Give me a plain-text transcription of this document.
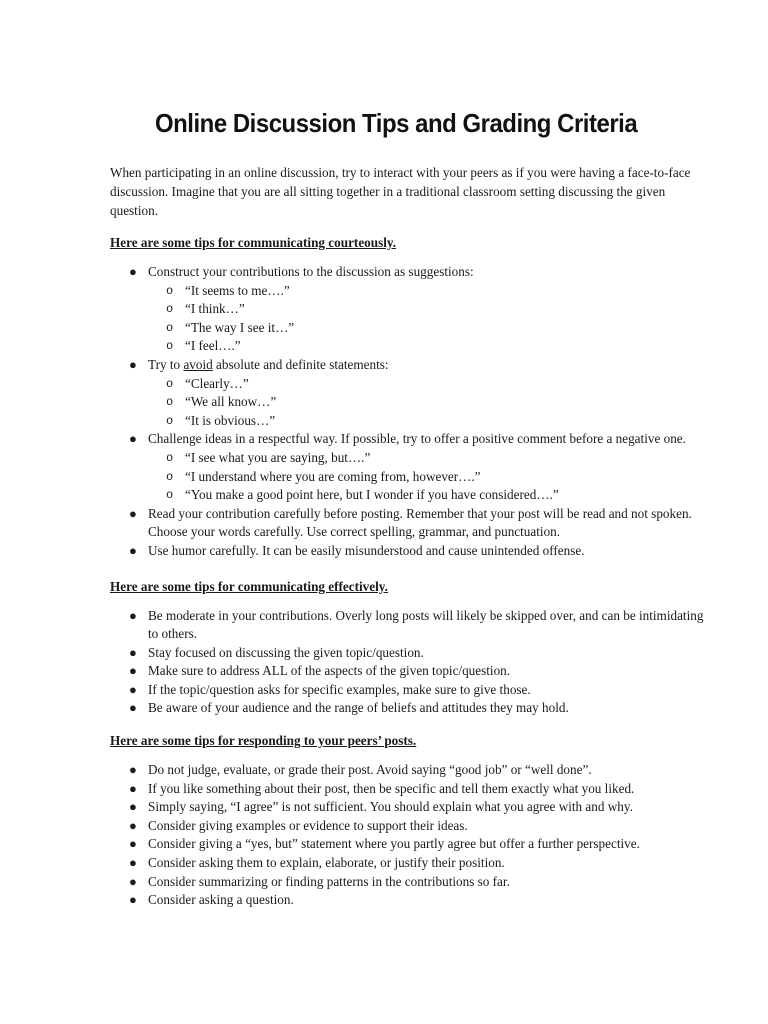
Online Discussion Tips and Grading Criteria

When participating in an online discussion, try to interact with your peers as if you were having a face-to-face discussion. Imagine that you are all sitting together in a traditional classroom setting discussing the given question.

Here are some tips for communicating courteously.
● Construct your contributions to the discussion as suggestions:
o “It seems to me….”
o “I think…”
o “The way I see it…”
o “I feel….”
● Try to avoid absolute and definite statements:
o “Clearly…”
o “We all know…”
o “It is obvious…”
● Challenge ideas in a respectful way. If possible, try to offer a positive comment before a negative one.
o “I see what you are saying, but….”
o “I understand where you are coming from, however….”
o “You make a good point here, but I wonder if you have considered….”
● Read your contribution carefully before posting. Remember that your post will be read and not spoken. Choose your words carefully. Use correct spelling, grammar, and punctuation.
● Use humor carefully. It can be easily misunderstood and cause unintended offense.
Here are some tips for communicating effectively.
● Be moderate in your contributions. Overly long posts will likely be skipped over, and can be intimidating to others.
● Stay focused on discussing the given topic/question.
● Make sure to address ALL of the aspects of the given topic/question.
● If the topic/question asks for specific examples, make sure to give those.
● Be aware of your audience and the range of beliefs and attitudes they may hold.
Here are some tips for responding to your peers’ posts.
● Do not judge, evaluate, or grade their post. Avoid saying “good job” or “well done”.
● If you like something about their post, then be specific and tell them exactly what you liked.
● Simply saying, “I agree” is not sufficient. You should explain what you agree with and why.
● Consider giving examples or evidence to support their ideas.
● Consider giving a “yes, but” statement where you partly agree but offer a further perspective.
● Consider asking them to explain, elaborate, or justify their position.
● Consider summarizing or finding patterns in the contributions so far.
● Consider asking a question.
